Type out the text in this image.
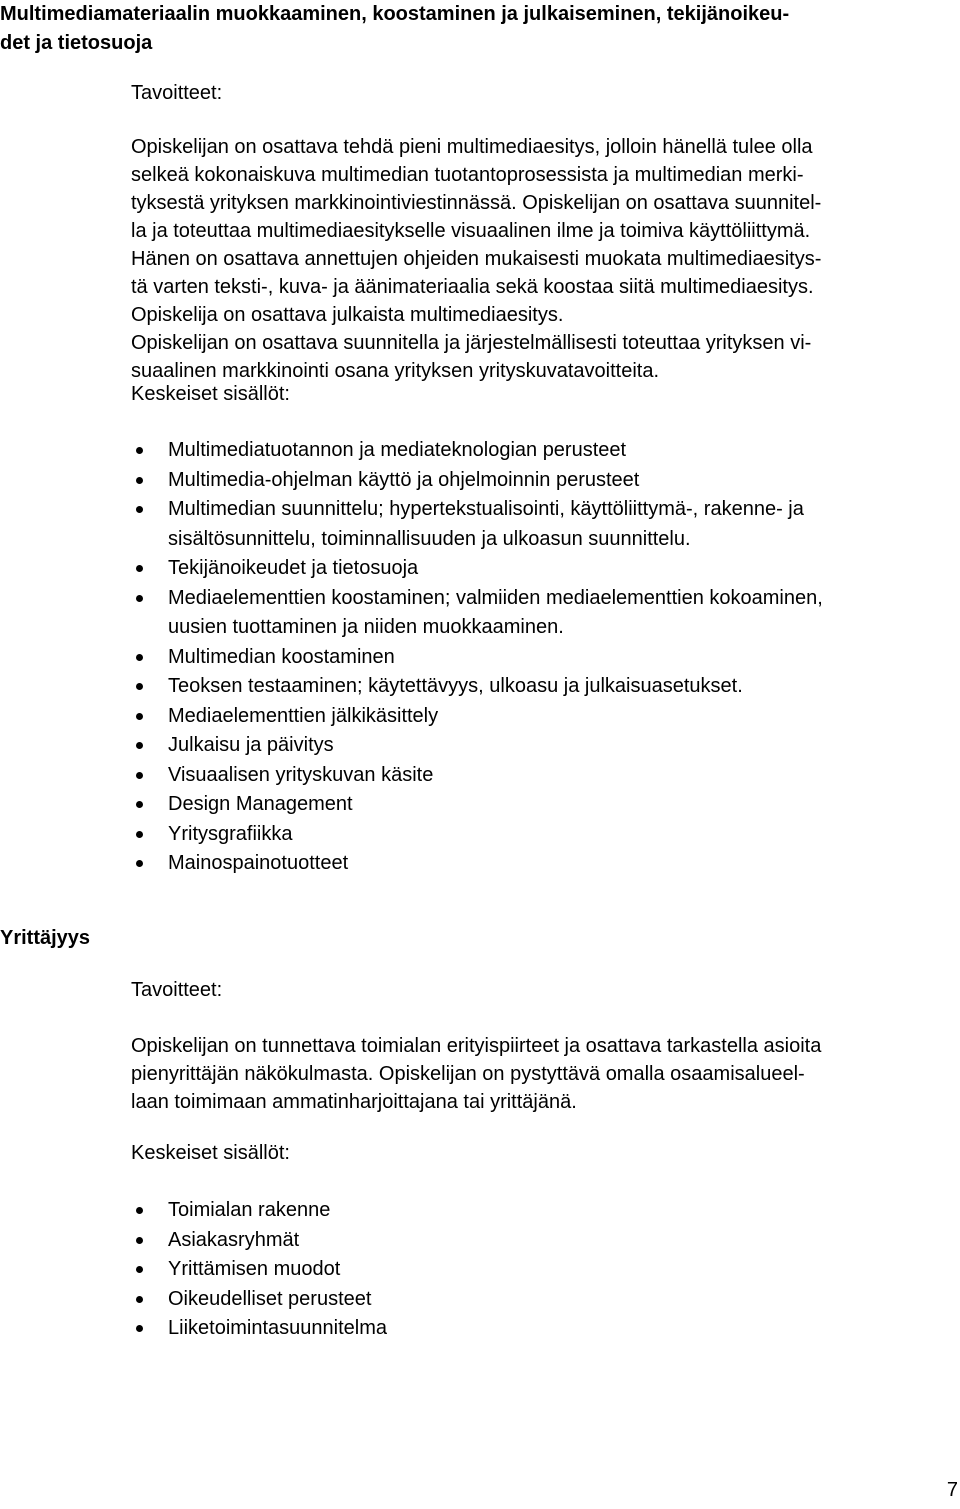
Multimediamateriaalin muokkaaminen, koostaminen ja julkaiseminen, tekijänoikeu-
det ja tietosuoja

Tavoitteet:
Opiskelijan on osattava tehdä pieni multimediaesitys, jolloin hänellä tulee olla
selkeä kokonaiskuva multimedian tuotantoprosessista ja multimedian merki-
tyksestä yrityksen markkinointiviestinnässä. Opiskelijan on osattava suunnitel-
la ja toteuttaa multimediaesitykselle visuaalinen ilme ja toimiva käyttöliittymä.
Hänen on osattava annettujen ohjeiden mukaisesti muokata multimediaesitys-
tä varten teksti-, kuva- ja äänimateriaalia sekä koostaa siitä multimediaesitys.
Opiskelija on osattava julkaista multimediaesitys.
Opiskelijan on osattava suunnitella ja järjestelmällisesti toteuttaa yrityksen vi-
suaalinen markkinointi osana yrityksen yrityskuvatavoitteita.
Keskeiset sisällöt:
Multimediatuotannon ja mediateknologian perusteet
Multimedia-ohjelman käyttö ja ohjelmoinnin perusteet
Multimedian suunnittelu; hypertekstualisointi, käyttöliittymä-, rakenne- ja
sisältösunnittelu, toiminnallisuuden ja ulkoasun suunnittelu.
Tekijänoikeudet ja tietosuoja
Mediaelementtien koostaminen; valmiiden mediaelementtien kokoaminen,
uusien tuottaminen ja niiden muokkaaminen.
Multimedian koostaminen
Teoksen testaaminen; käytettävyys, ulkoasu ja julkaisuasetukset.
Mediaelementtien jälkikäsittely
Julkaisu ja päivitys
Visuaalisen yrityskuvan käsite
Design Management
Yritysgrafiikka
Mainospainotuotteet
Yrittäjyys
Tavoitteet:
Opiskelijan on tunnettava toimialan erityispiirteet ja osattava tarkastella asioita
pienyrittäjän näkökulmasta. Opiskelijan on pystyttävä omalla osaamisalueel-
laan toimimaan ammatinharjoittajana tai yrittäjänä.
Keskeiset sisällöt:
Toimialan rakenne
Asiakasryhmät
Yrittämisen muodot
Oikeudelliset perusteet
Liiketoimintasuunnitelma
7
